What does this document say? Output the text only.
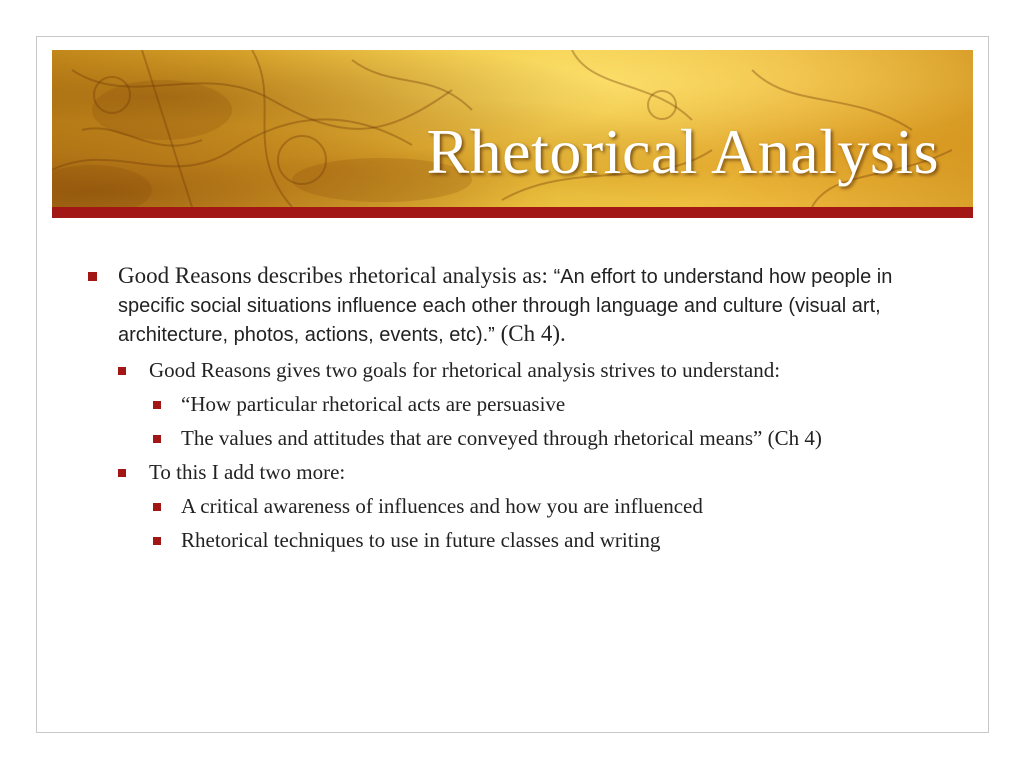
Rhetorical Analysis
Good Reasons describes rhetorical analysis as: “An effort to understand how people in specific social situations influence each other through language and culture (visual art, architecture, photos, actions, events, etc).” (Ch 4).
Good Reasons gives two goals for rhetorical analysis strives to understand:
“How particular rhetorical acts are persuasive
The values and attitudes that are conveyed through rhetorical means” (Ch 4)
To this I add two more:
A critical awareness of influences and how you are influenced
Rhetorical techniques to use in future classes and writing
